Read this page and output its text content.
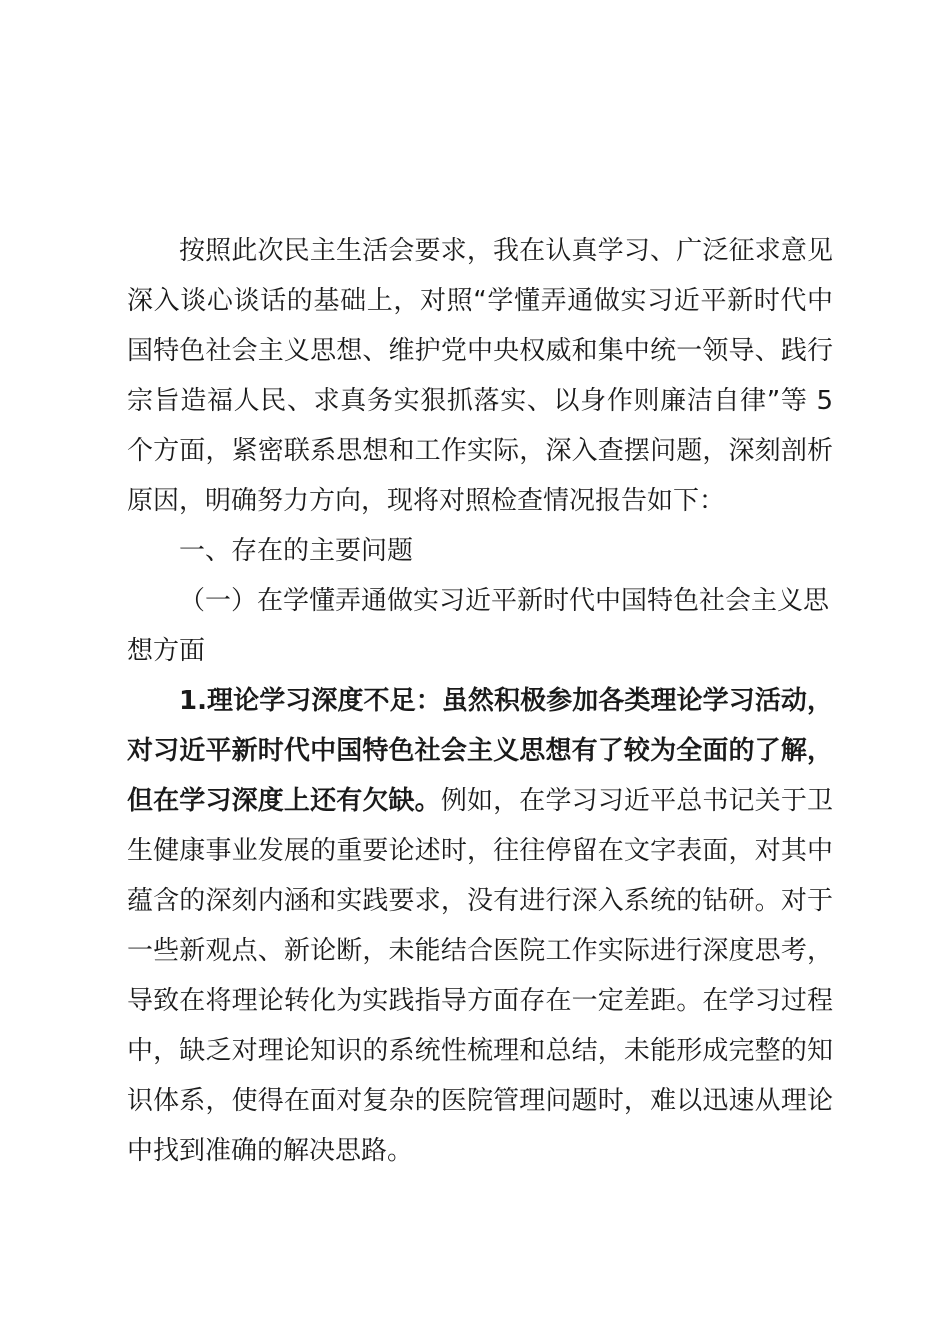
按照此次民主生活会要求，我在认真学习、广泛征求意见深入谈心谈话的基础上，对照“学懂弄通做实习近平新时代中国特色社会主义思想、维护党中央权威和集中统一领导、践行宗旨造福人民、求真务实狠抓落实、以身作则廉洁自律”等 5 个方面，紧密联系思想和工作实际，深入查摆问题，深刻剖析原因，明确努力方向，现将对照检查情况报告如下：

一、存在的主要问题

（一）在学懂弄通做实习近平新时代中国特色社会主义思想方面

1.理论学习深度不足：虽然积极参加各类理论学习活动，对习近平新时代中国特色社会主义思想有了较为全面的了解，但在学习深度上还有欠缺。例如，在学习习近平总书记关于卫生健康事业发展的重要论述时，往往停留在文字表面，对其中蕴含的深刻内涵和实践要求，没有进行深入系统的钻研。对于一些新观点、新论断，未能结合医院工作实际进行深度思考，导致在将理论转化为实践指导方面存在一定差距。在学习过程中，缺乏对理论知识的系统性梳理和总结，未能形成完整的知识体系，使得在面对复杂的医院管理问题时，难以迅速从理论中找到准确的解决思路。
